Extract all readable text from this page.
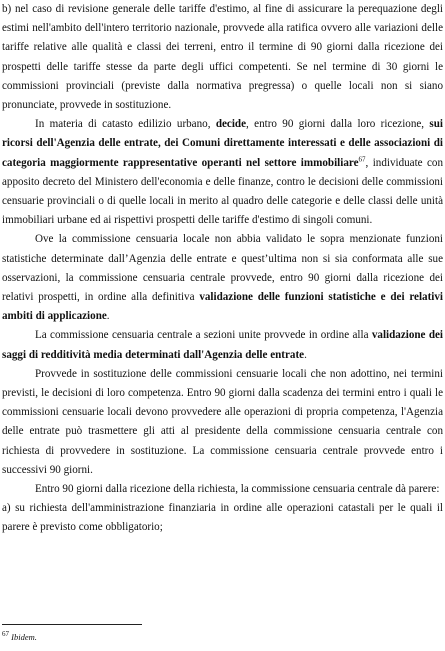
b) nel caso di revisione generale delle tariffe d'estimo, al fine di assicurare la perequazione degli estimi nell'ambito dell'intero territorio nazionale, provvede alla ratifica ovvero alle variazioni delle tariffe relative alle qualità e classi dei terreni, entro il termine di 90 giorni dalla ricezione dei prospetti delle tariffe stesse da parte degli uffici competenti. Se nel termine di 30 giorni le commissioni provinciali (previste dalla normativa pregressa) o quelle locali non si siano pronunciate, provvede in sostituzione.

In materia di catasto edilizio urbano, decide, entro 90 giorni dalla loro ricezione, sui ricorsi dell'Agenzia delle entrate, dei Comuni direttamente interessati e delle associazioni di categoria maggiormente rappresentative operanti nel settore immobiliare$^{67}$, individuate con apposito decreto del Ministero dell'economia e delle finanze, contro le decisioni delle commissioni censuarie provinciali o di quelle locali in merito al quadro delle categorie e delle classi delle unità immobiliari urbane ed ai rispettivi prospetti delle tariffe d'estimo di singoli comuni.

Ove la commissione censuaria locale non abbia validato le sopra menzionate funzioni statistiche determinate dall’Agenzia delle entrate e quest’ultima non si sia conformata alle sue osservazioni, la commissione censuaria centrale provvede, entro 90 giorni dalla ricezione dei relativi prospetti, in ordine alla definitiva validazione delle funzioni statistiche e dei relativi ambiti di applicazione.

La commissione censuaria centrale a sezioni unite provvede in ordine alla validazione dei saggi di redditività media determinati dall'Agenzia delle entrate.

Provvede in sostituzione delle commissioni censuarie locali che non adottino, nei termini previsti, le decisioni di loro competenza. Entro 90 giorni dalla scadenza dei termini entro i quali le commissioni censuarie locali devono provvedere alle operazioni di propria competenza, l'Agenzia delle entrate può trasmettere gli atti al presidente della commissione censuaria centrale con richiesta di provvedere in sostituzione. La commissione censuaria centrale provvede entro i successivi 90 giorni.

Entro 90 giorni dalla ricezione della richiesta, la commissione censuaria centrale dà parere:

a) su richiesta dell'amministrazione finanziaria in ordine alle operazioni catastali per le quali il parere è previsto come obbligatorio;

$^{67}$ Ibidem.
